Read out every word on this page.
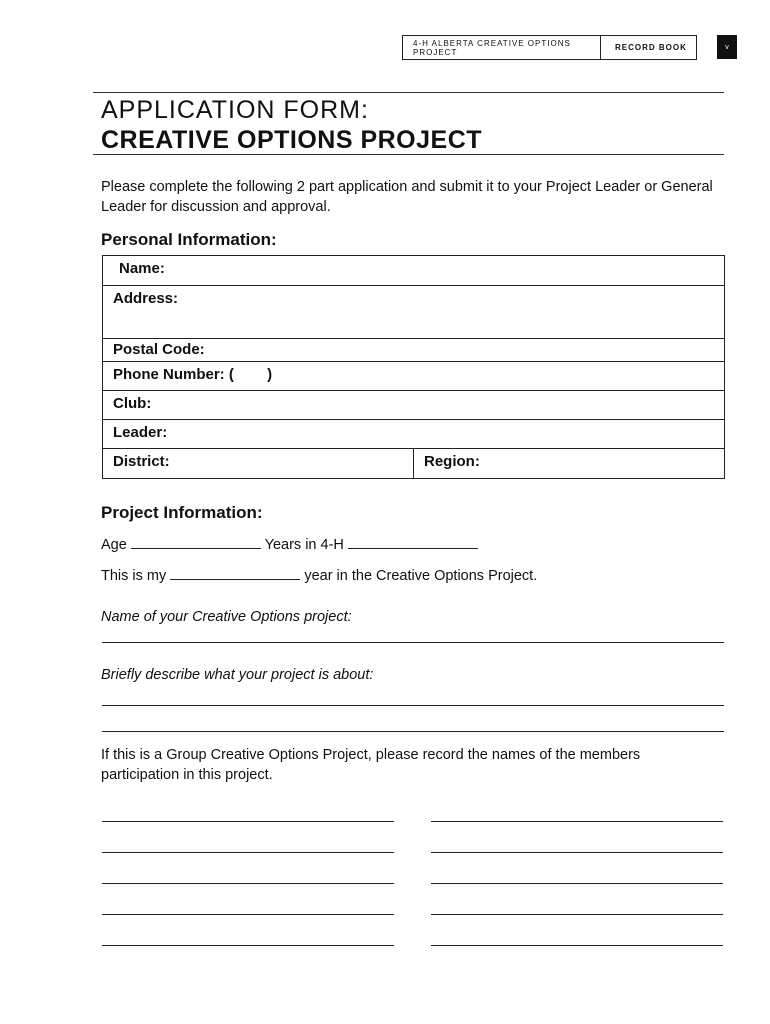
4-H ALBERTA CREATIVE OPTIONS PROJECT	RECORD BOOK	v
APPLICATION FORM:
CREATIVE OPTIONS PROJECT
Please complete the following 2 part application and submit it to your Project Leader or General Leader for discussion and approval.
Personal Information:
Name:
Address:
Postal Code:
Phone Number: (        )
Club:
Leader:
District:	Region:
Project Information:
Age	Years in 4-H
This is my	year in the Creative Options Project.
Name of your Creative Options project:
Briefly describe what your project is about:
If this is a Group Creative Options Project, please record the names of the members participation in this project.
